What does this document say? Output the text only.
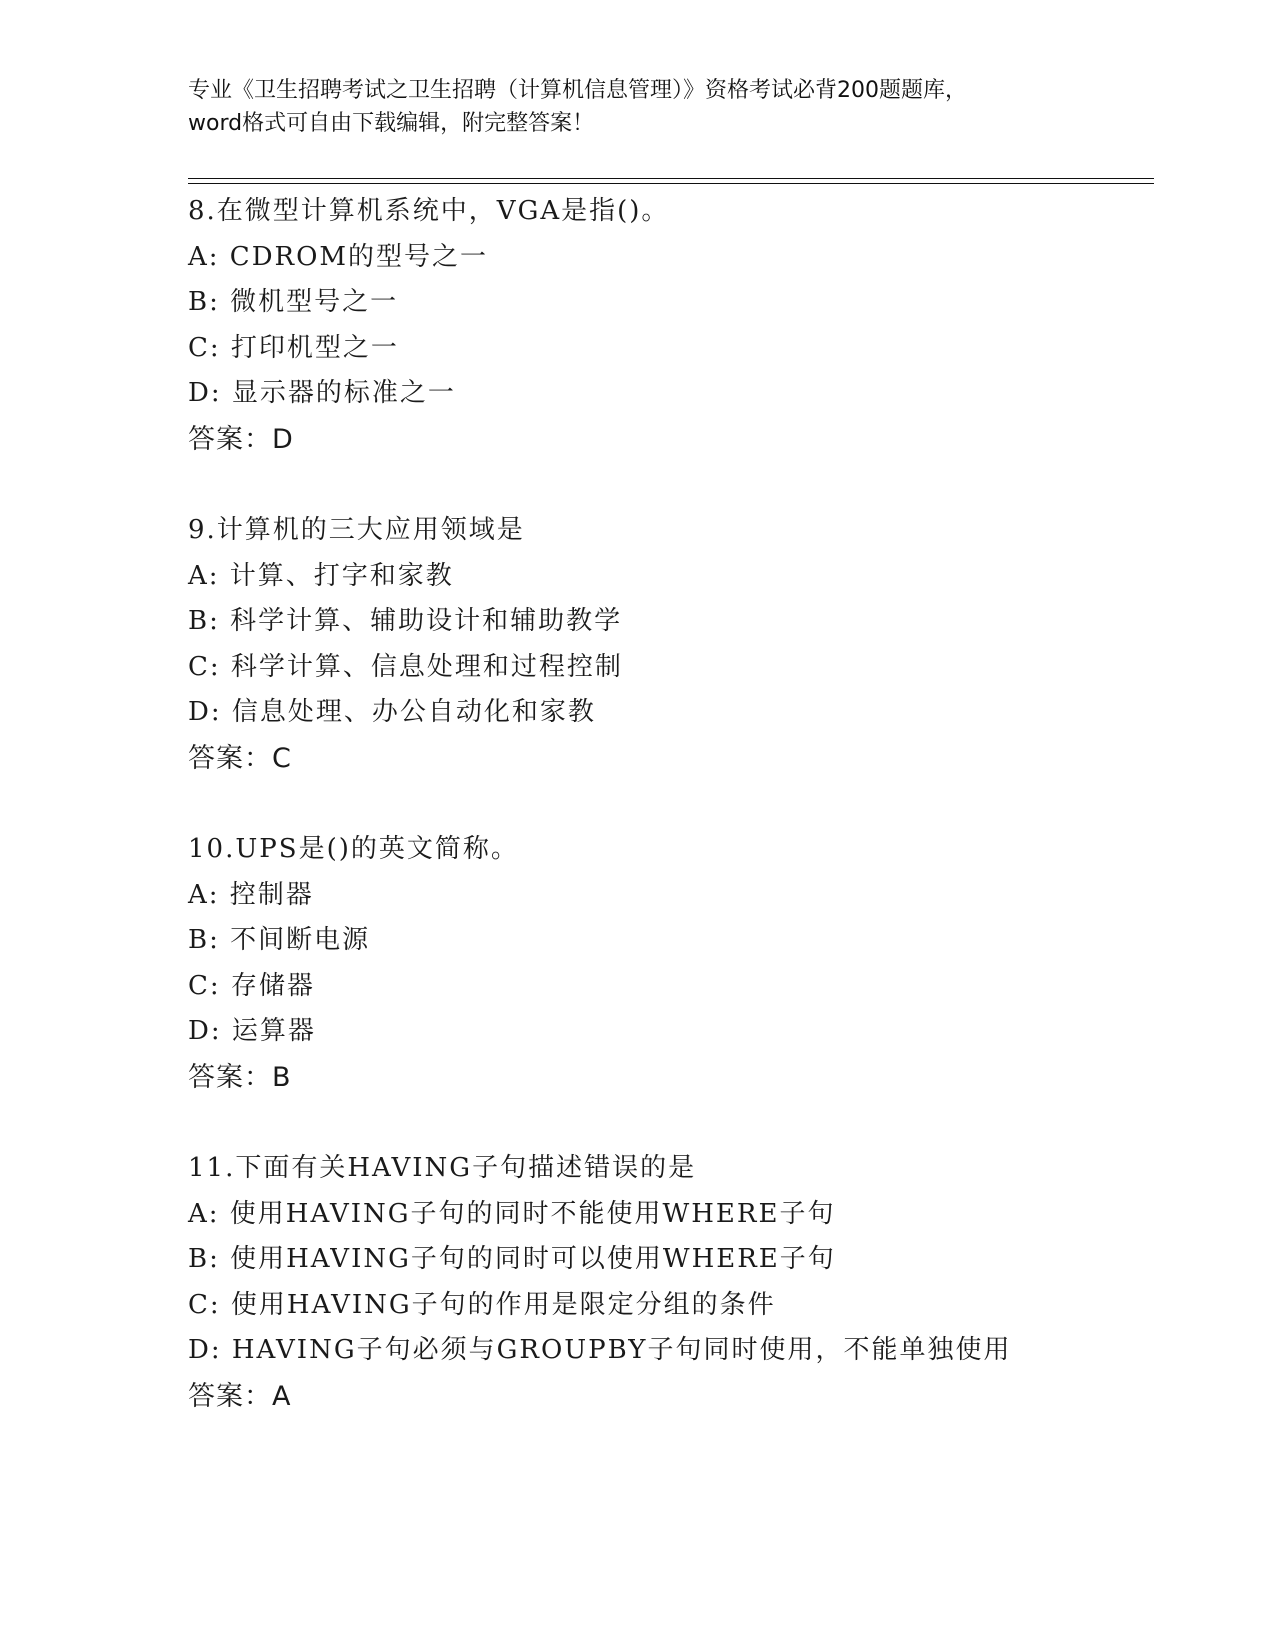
专业《卫生招聘考试之卫生招聘（计算机信息管理）》资格考试必背200题题库，
word格式可自由下载编辑，附完整答案！
8.在微型计算机系统中，VGA是指()。
A: CDROM的型号之一
B: 微机型号之一
C: 打印机型之一
D: 显示器的标准之一
答案：D
9.计算机的三大应用领域是
A: 计算、打字和家教
B: 科学计算、辅助设计和辅助教学
C: 科学计算、信息处理和过程控制
D: 信息处理、办公自动化和家教
答案：C
10.UPS是()的英文简称。
A: 控制器
B: 不间断电源
C: 存储器
D: 运算器
答案：B
11.下面有关HAVING子句描述错误的是
A: 使用HAVING子句的同时不能使用WHERE子句
B: 使用HAVING子句的同时可以使用WHERE子句
C: 使用HAVING子句的作用是限定分组的条件
D: HAVING子句必须与GROUPBY子句同时使用，不能单独使用
答案：A
